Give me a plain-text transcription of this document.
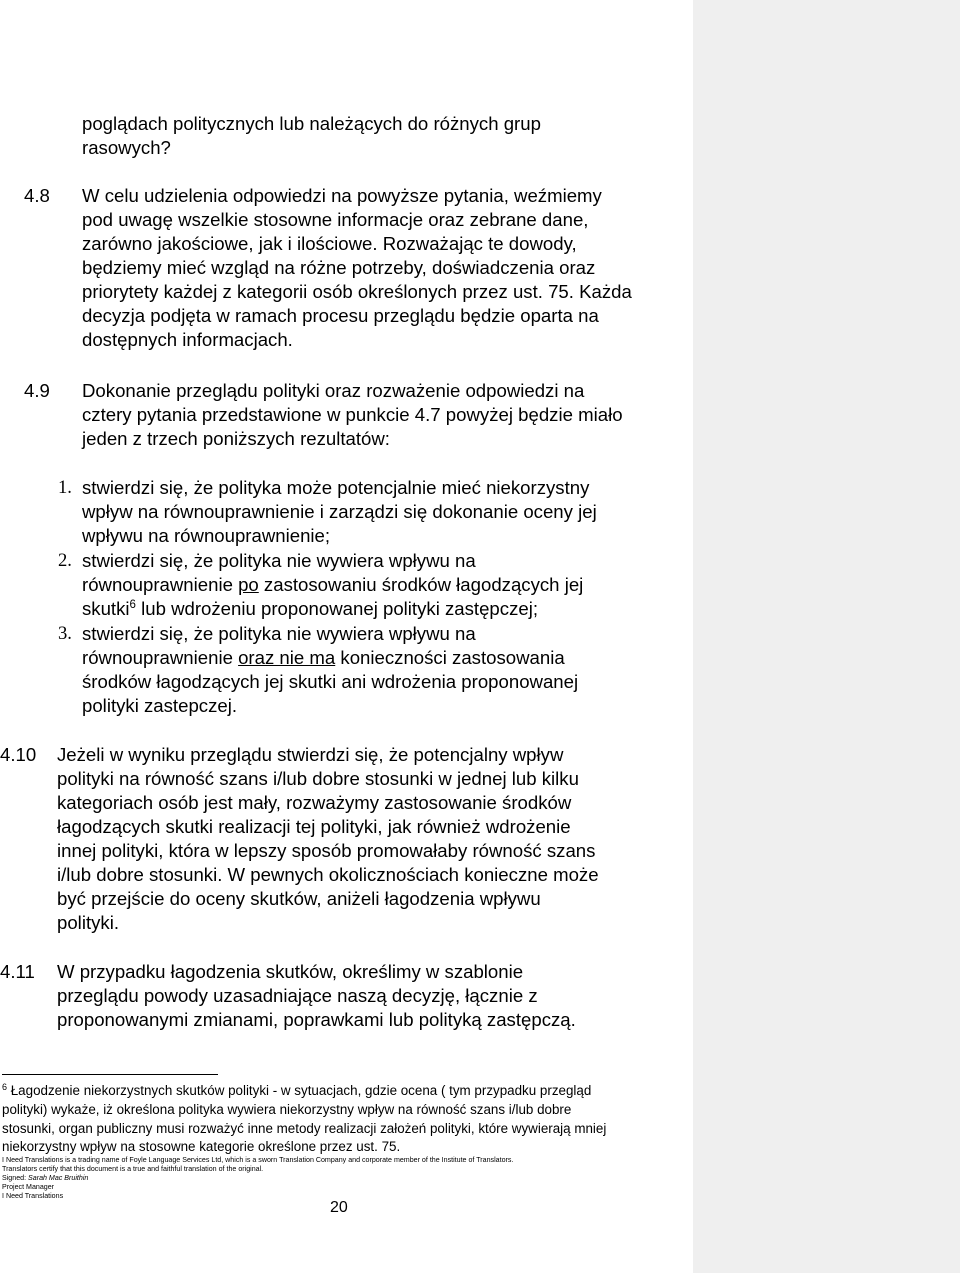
poglądach politycznych lub należących do różnych grup
rasowych?
4.8 W celu udzielenia odpowiedzi na powyższe pytania, weźmiemy
pod uwagę wszelkie stosowne informacje oraz zebrane dane,
zarówno jakościowe, jak i ilościowe. Rozważając te dowody,
będziemy mieć wzgląd na różne potrzeby, doświadczenia oraz
priorytety każdej z kategorii osób określonych przez ust. 75. Każda
decyzja podjęta w ramach procesu przeglądu będzie oparta na
dostępnych informacjach.
4.9 Dokonanie przeglądu polityki oraz rozważenie odpowiedzi na
cztery pytania przedstawione w punkcie 4.7 powyżej będzie miało
jeden z trzech poniższych rezultatów:
1. stwierdzi się, że polityka może potencjalnie mieć niekorzystny
wpływ na równouprawnienie i zarządzi się dokonanie oceny jej
wpływu na równouprawnienie;
2. stwierdzi się, że polityka nie wywiera wpływu na
równouprawnienie po zastosowaniu środków łagodzących jej
skutki$^6$ lub wdrożeniu proponowanej polityki zastępczej;
3. stwierdzi się, że polityka nie wywiera wpływu na
równouprawnienie oraz nie ma konieczności zastosowania
środków łagodzących jej skutki ani wdrożenia proponowanej
polityki zastepczej.
4.10 Jeżeli w wyniku przeglądu stwierdzi się, że potencjalny wpływ
polityki na równość szans i/lub dobre stosunki w jednej lub kilku
kategoriach osób jest mały, rozważymy zastosowanie środków
łagodzących skutki realizacji tej polityki, jak również wdrożenie
innej polityki, która w lepszy sposób promowałaby równość szans
i/lub dobre stosunki. W pewnych okolicznościach konieczne może
być przejście do oceny skutków, aniżeli łagodzenia wpływu
polityki.
4.11 W przypadku łagodzenia skutków, określimy w szablonie
przeglądu powody uzasadniające naszą decyzję, łącznie z
proponowanymi zmianami, poprawkami lub polityką zastępczą.
$^6$ Łagodzenie niekorzystnych skutków polityki - w sytuacjach, gdzie ocena ( tym przypadku przegląd
polityki) wykaże, iż określona polityka wywiera niekorzystny wpływ na równość szans i/lub dobre
stosunki, organ publiczny musi rozważyć inne metody realizacji założeń polityki, które wywierają mniej
niekorzystny wpływ na stosowne kategorie określone przez ust. 75.
I Need Translations is a trading name of Foyle Language Services Ltd, which is a sworn Translation Company and corporate member of the Institute of Translators.
Translators certify that this document is a true and faithful translation of the original.
Signed: Sarah Mac Bruithin
Project Manager
I Need Translations
20
